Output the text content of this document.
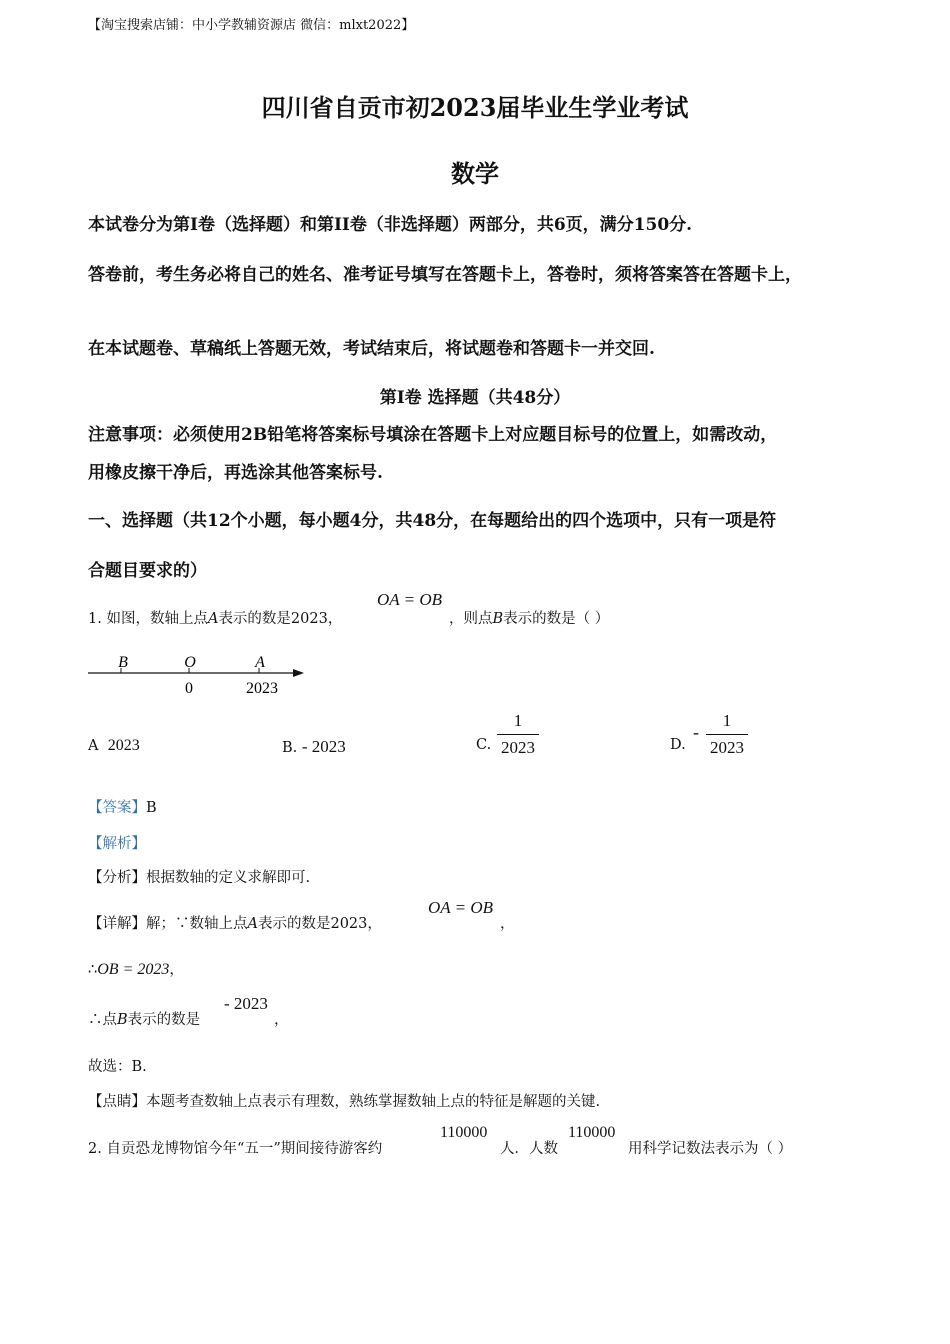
【淘宝搜索店铺：中小学教辅资源店 微信：mlxt2022】
四川省自贡市初2023届毕业生学业考试
数学
本试卷分为第I卷（选择题）和第II卷（非选择题）两部分，共6页，满分150分.
答卷前，考生务必将自己的姓名、准考证号填写在答题卡上，答卷时，须将答案答在答题卡上，
在本试题卷、草稿纸上答题无效，考试结束后，将试题卷和答题卡一并交回.
第I卷 选择题（共48分）
注意事项：必须使用2B铅笔将答案标号填涂在答题卡上对应题目标号的位置上，如需改动，
用橡皮擦干净后，再选涂其他答案标号.
一、选择题（共12个小题，每小题4分，共48分，在每题给出的四个选项中，只有一项是符
合题目要求的）
1. 如图，数轴上点A表示的数是2023，
OA = OB
，则点B表示的数是（ ）
B	O	A
0	2023
A 2023	B. - 2023	C.
1
2023	D.
-
1
2023
【答案】B
【解析】
【分析】根据数轴的定义求解即可.
【详解】解；∵数轴上点A表示的数是2023，
OA = OB
，
∴OB = 2023，
∴点B表示的数是
- 2023
，
故选：B.
【点睛】本题考查数轴上点表示有理数，熟练掌握数轴上点的特征是解题的关键.
2. 自贡恐龙博物馆今年“五一”期间接待游客约
110000
人．人数
110000
用科学记数法表示为（ ）
